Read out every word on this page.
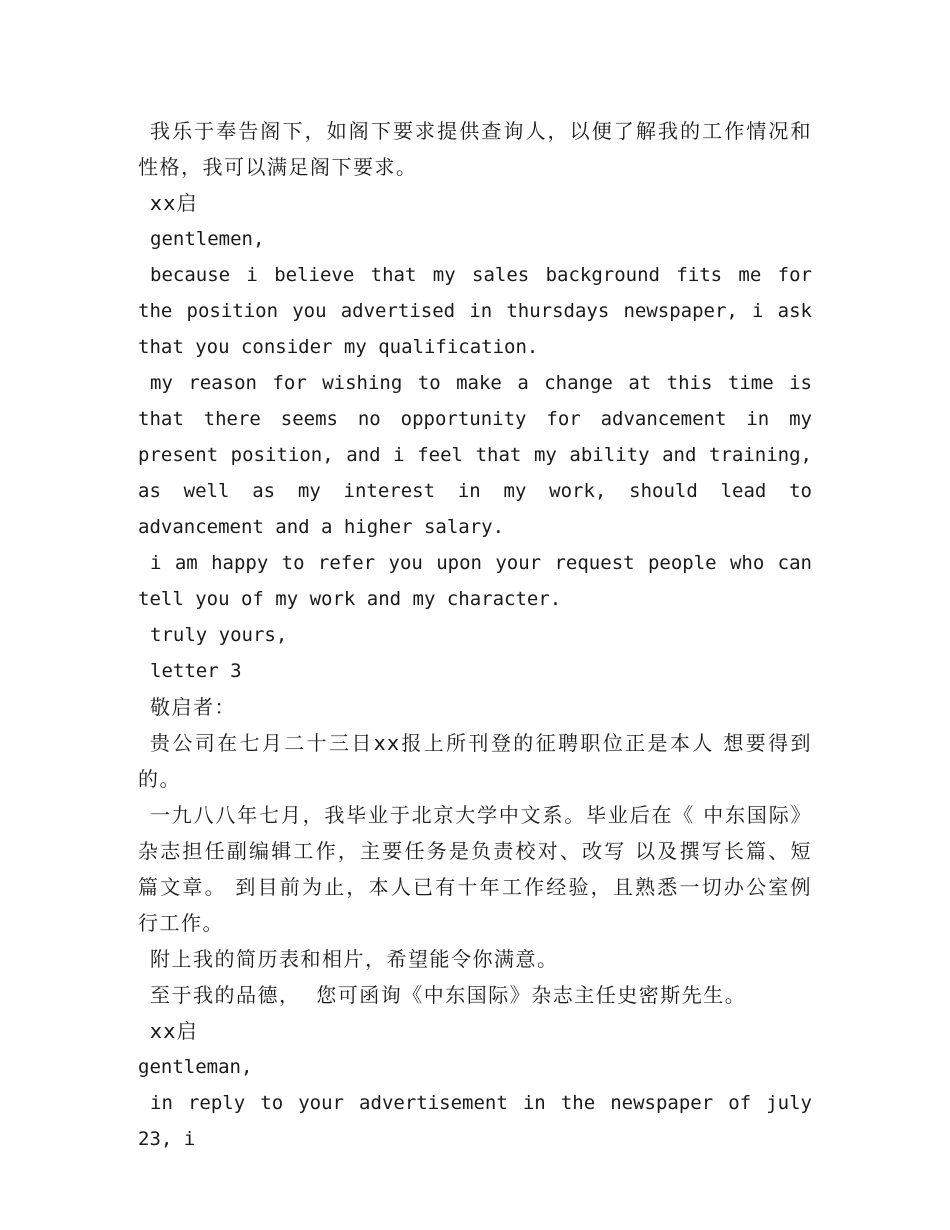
我乐于奉告阁下，如阁下要求提供查询人，以便了解我的工作情况和性格，我可以满足阁下要求。

xx启

gentlemen,

because i believe that my sales background fits me for the position you advertised in thursdays newspaper, i ask that you consider my qualification.

my reason for wishing to make a change at this time is that there seems no opportunity for advancement in my present position, and i feel that my ability and training, as well as my interest in my work, should lead to advancement and a higher salary.

i am happy to refer you upon your request people who can tell you of my work and my character.

truly yours,

letter 3

敬启者：

贵公司在七月二十三日xx报上所刊登的征聘职位正是本人 想要得到的。

一九八八年七月，我毕业于北京大学中文系。毕业后在《 中东国际》杂志担任副编辑工作，主要任务是负责校对、改写 以及撰写长篇、短篇文章。 到目前为止，本人已有十年工作经验，且熟悉一切办公室例行工作。

附上我的简历表和相片，希望能令你满意。

至于我的品德，  您可函询《中东国际》杂志主任史密斯先生。

xx启

gentleman,

in reply to your advertisement in the newspaper of july 23, i
